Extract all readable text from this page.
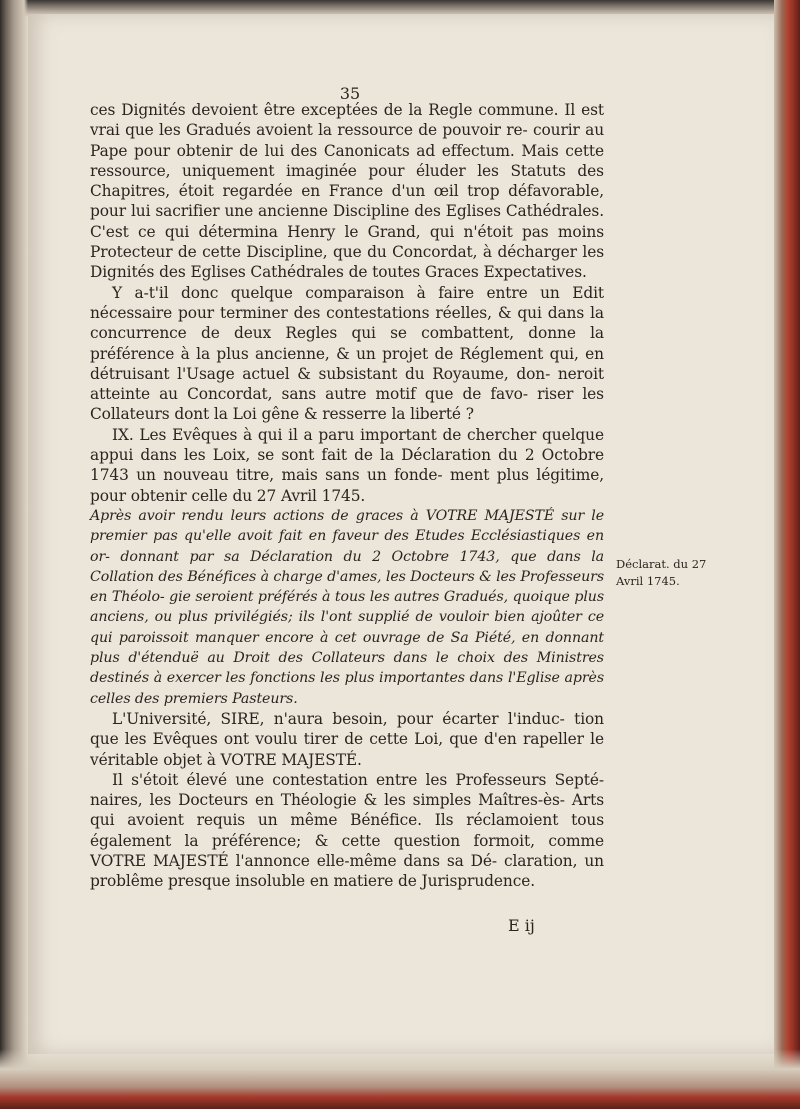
35

ces Dignités devoient être exceptées de la Regle commune. Il est vrai que les Gradués avoient la ressource de pouvoir re- courir au Pape pour obtenir de lui des Canonicats ad effectum. Mais cette ressource, uniquement imaginée pour éluder les Statuts des Chapitres, étoit regardée en France d'un œil trop défavorable, pour lui sacrifier une ancienne Discipline des Eglises Cathédrales. C'est ce qui détermina Henry le Grand, qui n'étoit pas moins Protecteur de cette Discipline, que du Concordat, à décharger les Dignités des Eglises Cathédrales de toutes Graces Expectatives.

Y a-t'il donc quelque comparaison à faire entre un Edit nécessaire pour terminer des contestations réelles, & qui dans la concurrence de deux Regles qui se combattent, donne la préférence à la plus ancienne, & un projet de Réglement qui, en détruisant l'Usage actuel & subsistant du Royaume, don- neroit atteinte au Concordat, sans autre motif que de favo- riser les Collateurs dont la Loi gêne & resserre la liberté ?

IX. Les Evêques à qui il a paru important de chercher quelque appui dans les Loix, se sont fait de la Déclaration du 2 Octobre 1743 un nouveau titre, mais sans un fonde- ment plus légitime, pour obtenir celle du 27 Avril 1745.

Après avoir rendu leurs actions de graces à VOTRE MAJESTÉ sur le premier pas qu'elle avoit fait en faveur des Etudes Ecclésiastiques en or- donnant par sa Déclaration du 2 Octobre 1743, que dans la Collation des Bénéfices à charge d'ames, les Docteurs & les Professeurs en Théolo- gie seroient préférés à tous les autres Gradués, quoique plus anciens, ou plus privilégiés; ils l'ont supplié de vouloir bien ajoûter ce qui paroissoit manquer encore à cet ouvrage de Sa Piété, en donnant plus d'étenduë au Droit des Collateurs dans le choix des Ministres destinés à exercer les fonctions les plus importantes dans l'Eglise après celles des premiers Pasteurs.

L'Université, SIRE, n'aura besoin, pour écarter l'induc- tion que les Evêques ont voulu tirer de cette Loi, que d'en rapeller le véritable objet à VOTRE MAJESTÉ.

Il s'étoit élevé une contestation entre les Professeurs Septé- naires, les Docteurs en Théologie & les simples Maîtres-ès- Arts qui avoient requis un même Bénéfice. Ils réclamoient tous également la préférence; & cette question formoit, comme VOTRE MAJESTÉ l'annonce elle-même dans sa Dé- claration, un problême presque insoluble en matiere de Jurisprudence.

Déclarat. du 27 Avril 1745.
E ij
